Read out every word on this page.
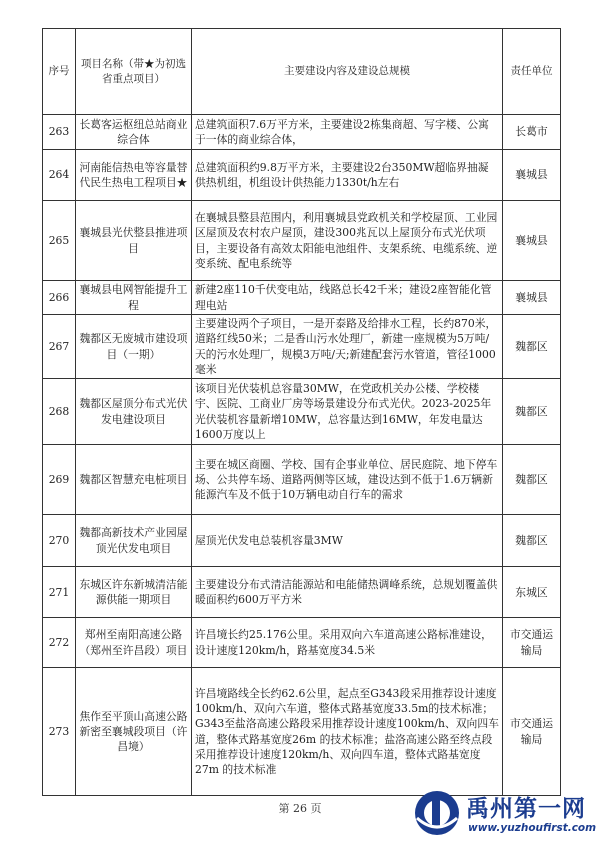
序号	项目名称（带★为初选省重点项目）	主要建设内容及建设总规模	责任单位
263	长葛客运枢纽总站商业综合体	总建筑面积7.6万平方米，主要建设2栋集商超、写字楼、公寓于一体的商业综合体，	长葛市
264	河南能信热电等容量替代民生热电工程项目★	总建筑面积约9.8万平方米，主要建设2台350MW超临界抽凝供热机组，机组设计供热能力1330t/h左右	襄城县
265	襄城县光伏整县推进项目	在襄城县整县范围内，利用襄城县党政机关和学校屋顶、工业园区屋顶及农村农户屋顶，建设300兆瓦以上屋顶分布式光伏项目，主要设备有高效太阳能电池组件、支架系统、电缆系统、逆变系统、配电系统等	襄城县
266	襄城县电网智能提升工程	新建2座110千伏变电站，线路总长42千米；建设2座智能化管理电站	襄城县
267	魏都区无废城市建设项目（一期）	主要建设两个子项目，一是开泰路及给排水工程，长约870米，道路红线50米；二是香山污水处理厂，新建一座规模为5万吨/天的污水处理厂，规模3万吨/天;新建配套污水管道，管径1000毫米	魏都区
268	魏都区屋顶分布式光伏发电建设项目	该项目光伏装机总容量30MW，在党政机关办公楼、学校楼宇、医院、工商业厂房等场景建设分布式光伏。2023-2025年光伏装机容量新增10MW，总容量达到16MW，年发电量达1600万度以上	魏都区
269	魏都区智慧充电桩项目	主要在城区商圈、学校、国有企事业单位、居民庭院、地下停车场、公共停车场、道路两侧等区域，建设达到不低于1.6万辆新能源汽车及不低于10万辆电动自行车的需求	魏都区
270	魏都高新技术产业园屋顶光伏发电项目	屋顶光伏发电总装机容量3MW	魏都区
271	东城区许东新城清洁能源供能一期项目	主要建设分布式清洁能源站和电能储热调峰系统，总规划覆盖供暖面积约600万平方米	东城区
272	郑州至南阳高速公路（郑州至许昌段）项目	许昌境长约25.176公里。采用双向六车道高速公路标准建设，设计速度120km/h，路基宽度34.5米	市交通运输局
273	焦作至平顶山高速公路新密至襄城段项目（许昌境）	许昌境路线全长约62.6公里，起点至G343段采用推荐设计速度100km/h、双向六车道，整体式路基宽度33.5m的技术标准；G343至盐洛高速公路段采用推荐设计速度100km/h、双向四车道，整体式路基宽度26m 的技术标准；盐洛高速公路至终点段采用推荐设计速度120km/h、双向四车道，整体式路基宽度27m 的技术标准	市交通运输局
第 26 页	禹州第一网
www.yuzhoufirst.com
